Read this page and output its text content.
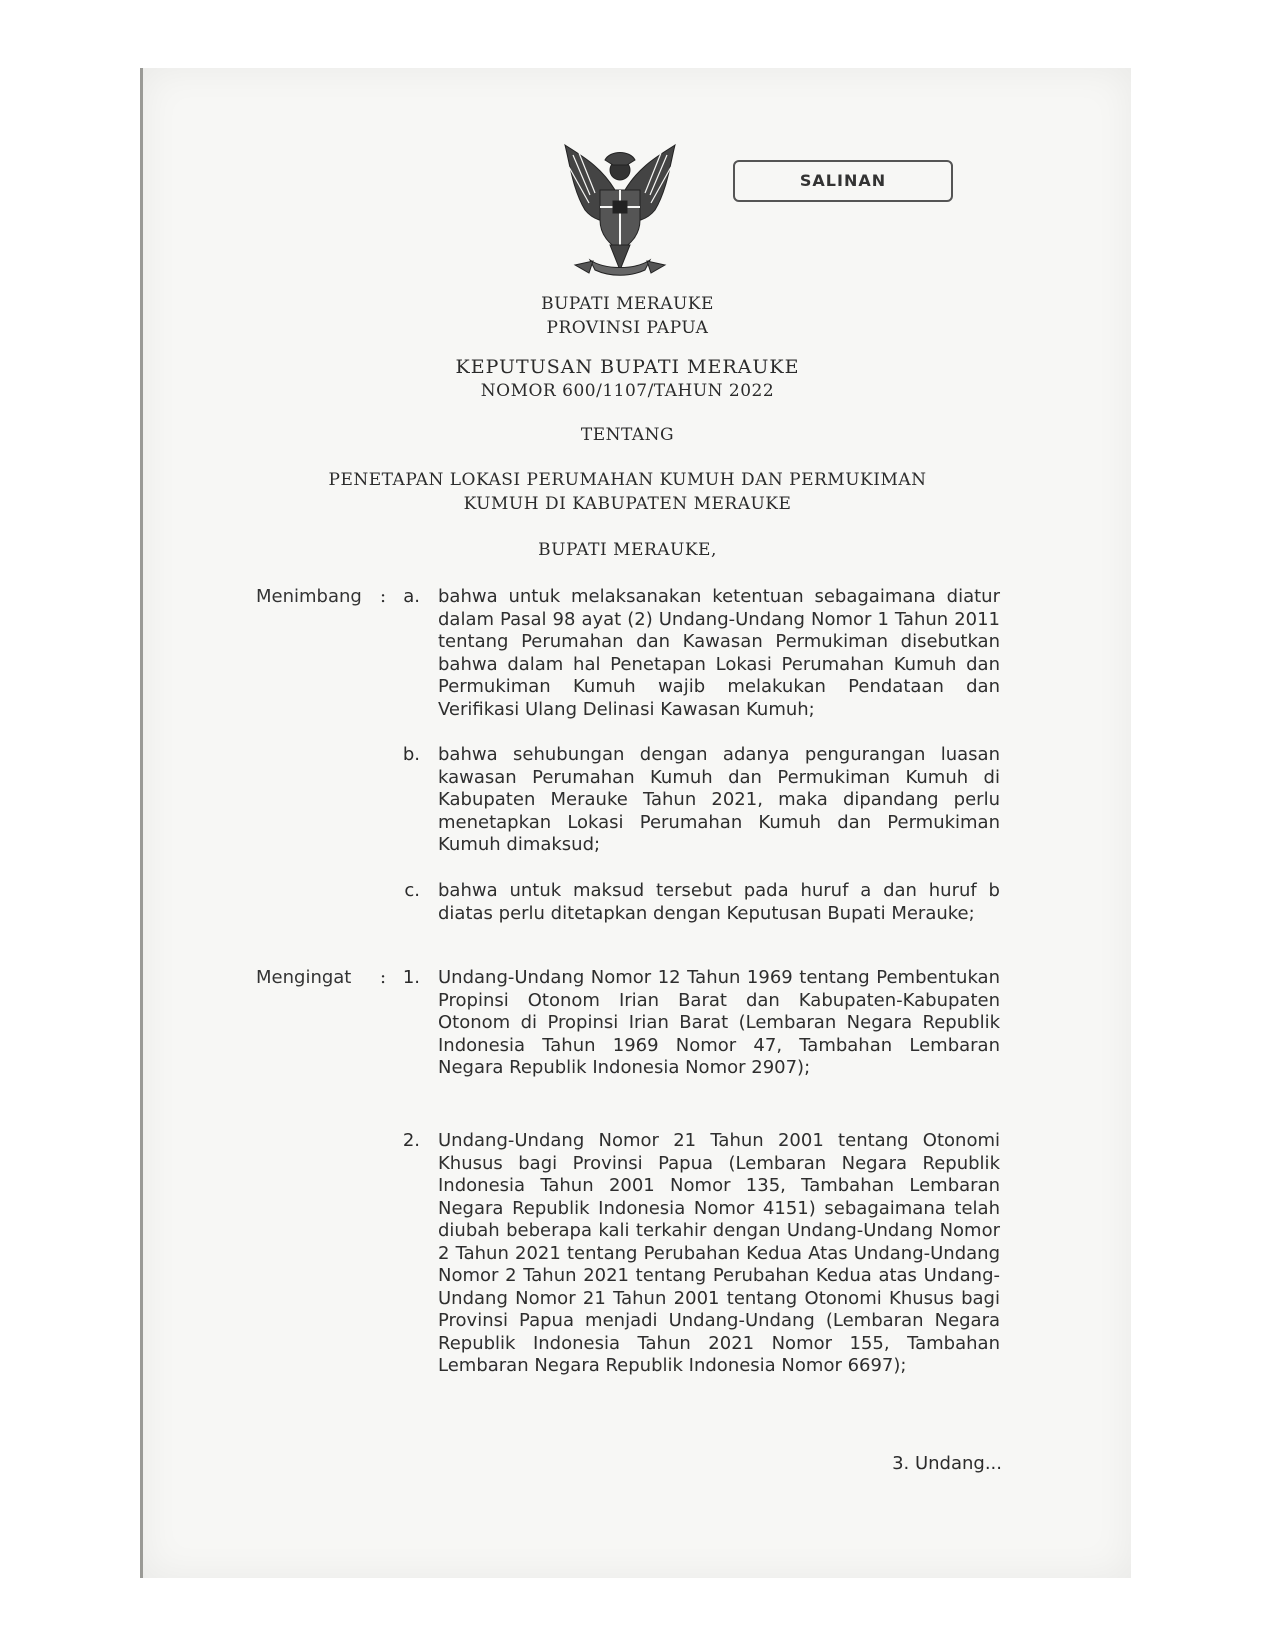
SALINAN
BUPATI MERAUKE
PROVINSI PAPUA
KEPUTUSAN BUPATI MERAUKE
NOMOR 600/1107/TAHUN 2022
TENTANG
PENETAPAN LOKASI PERUMAHAN KUMUH DAN PERMUKIMAN
KUMUH DI KABUPATEN MERAUKE
BUPATI MERAUKE,
Menimbang : a. bahwa untuk melaksanakan ketentuan sebagaimana diatur dalam Pasal 98 ayat (2) Undang-Undang Nomor 1 Tahun 2011 tentang Perumahan dan Kawasan Permukiman disebutkan bahwa dalam hal Penetapan Lokasi Perumahan Kumuh dan Permukiman Kumuh wajib melakukan Pendataan dan Verifikasi Ulang Delinasi Kawasan Kumuh;
b. bahwa sehubungan dengan adanya pengurangan luasan kawasan Perumahan Kumuh dan Permukiman Kumuh di Kabupaten Merauke Tahun 2021, maka dipandang perlu menetapkan Lokasi Perumahan Kumuh dan Permukiman Kumuh dimaksud;
c. bahwa untuk maksud tersebut pada huruf a dan huruf b diatas perlu ditetapkan dengan Keputusan Bupati Merauke;
Mengingat : 1. Undang-Undang Nomor 12 Tahun 1969 tentang Pembentukan Propinsi Otonom Irian Barat dan Kabupaten-Kabupaten Otonom di Propinsi Irian Barat (Lembaran Negara Republik Indonesia Tahun 1969 Nomor 47, Tambahan Lembaran Negara Republik Indonesia Nomor 2907);
2. Undang-Undang Nomor 21 Tahun 2001 tentang Otonomi Khusus bagi Provinsi Papua (Lembaran Negara Republik Indonesia Tahun 2001 Nomor 135, Tambahan Lembaran Negara Republik Indonesia Nomor 4151) sebagaimana telah diubah beberapa kali terkahir dengan Undang-Undang Nomor 2 Tahun 2021 tentang Perubahan Kedua Atas Undang-Undang Nomor 2 Tahun 2021 tentang Perubahan Kedua atas Undang-Undang Nomor 21 Tahun 2001 tentang Otonomi Khusus bagi Provinsi Papua menjadi Undang-Undang (Lembaran Negara Republik Indonesia Tahun 2021 Nomor 155, Tambahan Lembaran Negara Republik Indonesia Nomor 6697);
3. Undang...
